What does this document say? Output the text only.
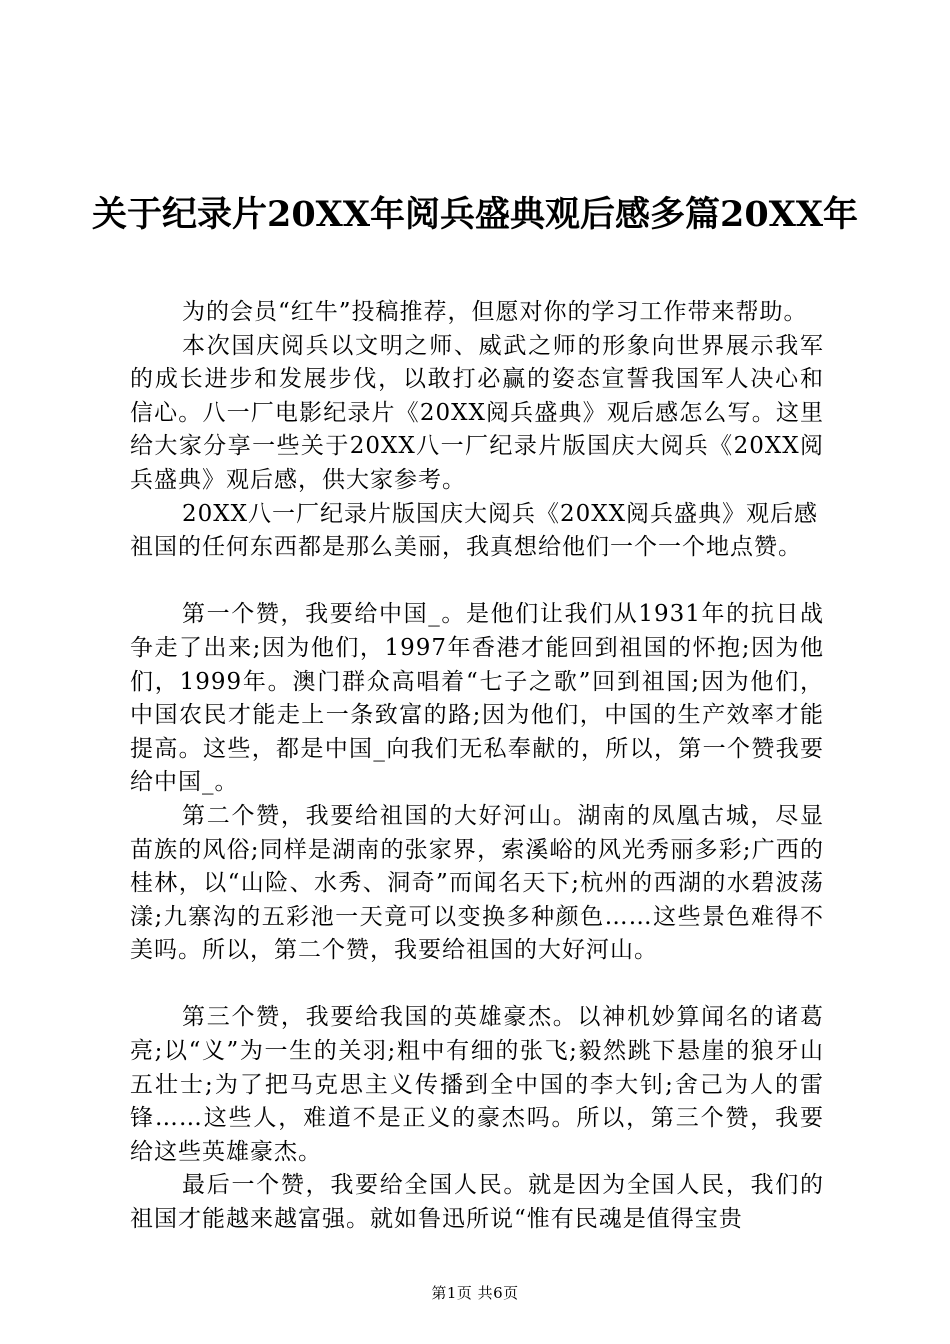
关于纪录片20XX年阅兵盛典观后感多篇20XX年

为的会员“红牛”投稿推荐，但愿对你的学习工作带来帮助。

本次国庆阅兵以文明之师、威武之师的形象向世界展示我军的成长进步和发展步伐，以敢打必赢的姿态宣誓我国军人决心和信心。八一厂电影纪录片《20XX阅兵盛典》观后感怎么写。这里给大家分享一些关于20XX八一厂纪录片版国庆大阅兵《20XX阅兵盛典》观后感，供大家参考。

20XX八一厂纪录片版国庆大阅兵《20XX阅兵盛典》观后感

祖国的任何东西都是那么美丽，我真想给他们一个一个地点赞。

第一个赞，我要给中国_。是他们让我们从1931年的抗日战争走了出来;因为他们，1997年香港才能回到祖国的怀抱;因为他们，1999年。澳门群众高唱着“七子之歌”回到祖国;因为他们，中国农民才能走上一条致富的路;因为他们，中国的生产效率才能提高。这些，都是中国_向我们无私奉献的，所以，第一个赞我要给中国_。

第二个赞，我要给祖国的大好河山。湖南的凤凰古城，尽显苗族的风俗;同样是湖南的张家界，索溪峪的风光秀丽多彩;广西的桂林，以“山险、水秀、洞奇”而闻名天下;杭州的西湖的水碧波荡漾;九寨沟的五彩池一天竟可以变换多种颜色……这些景色难得不美吗。所以，第二个赞，我要给祖国的大好河山。

第三个赞，我要给我国的英雄豪杰。以神机妙算闻名的诸葛亮;以“义”为一生的关羽;粗中有细的张飞;毅然跳下悬崖的狼牙山五壮士;为了把马克思主义传播到全中国的李大钊;舍己为人的雷锋……这些人，难道不是正义的豪杰吗。所以，第三个赞，我要给这些英雄豪杰。

最后一个赞，我要给全国人民。就是因为全国人民，我们的祖国才能越来越富强。就如鲁迅所说“惟有民魂是值得宝贵

第1页 共6页
